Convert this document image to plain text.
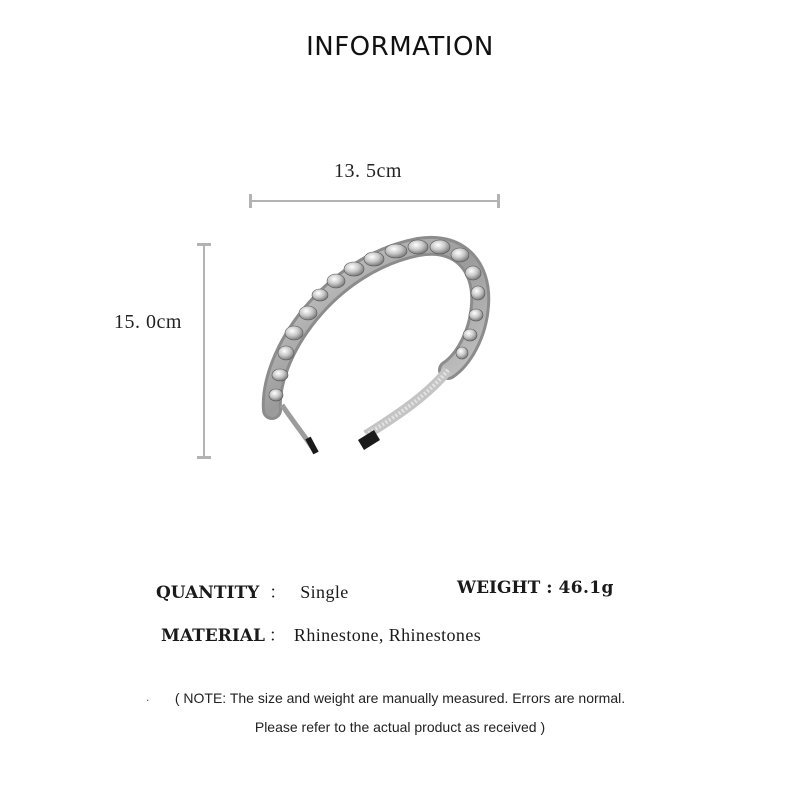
INFORMATION
13. 5cm
15. 0cm
QUANTITY ： Single	WEIGHT : 46.1g
MATERIAL ： Rhinestone, Rhinestones
.	( NOTE: The size and weight are manually measured. Errors are normal.
Please refer to the actual product as received )
